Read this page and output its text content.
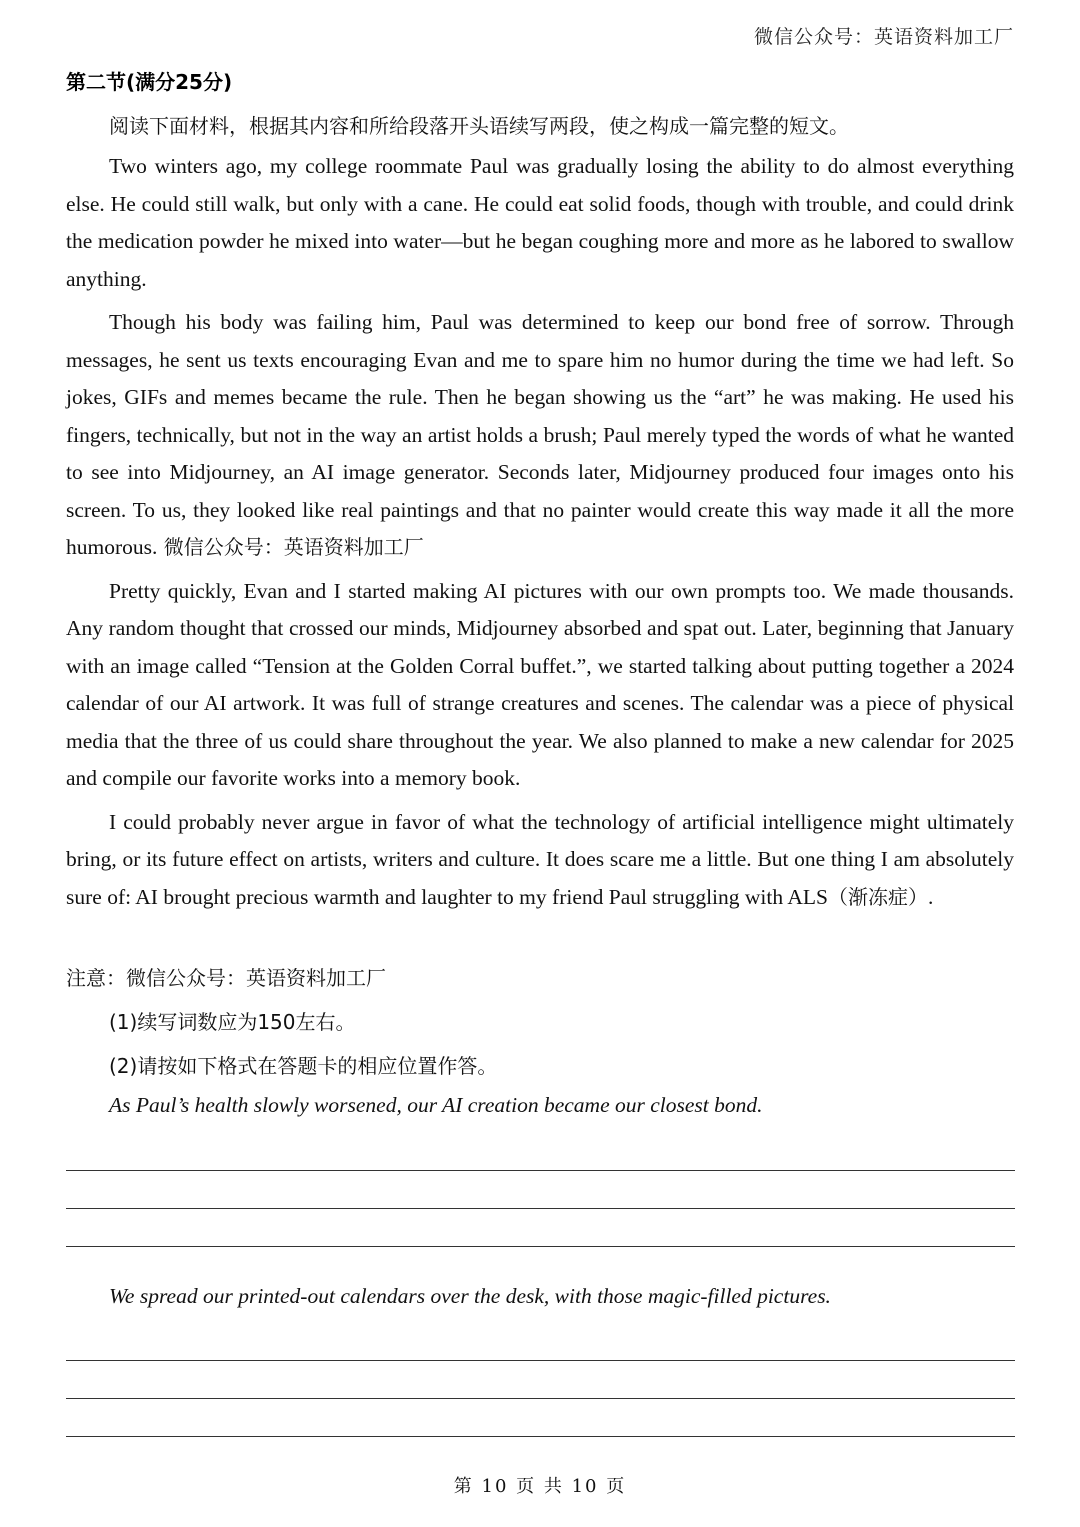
微信公众号：英语资料加工厂
第二节(满分25分)
阅读下面材料，根据其内容和所给段落开头语续写两段，使之构成一篇完整的短文。

Two winters ago, my college roommate Paul was gradually losing the ability to do almost everything else. He could still walk, but only with a cane. He could eat solid foods, though with trouble, and could drink the medication powder he mixed into water—but he began coughing more and more as he labored to swallow anything.

Though his body was failing him, Paul was determined to keep our bond free of sorrow. Through messages, he sent us texts encouraging Evan and me to spare him no humor during the time we had left. So jokes, GIFs and memes became the rule. Then he began showing us the “art” he was making. He used his fingers, technically, but not in the way an artist holds a brush; Paul merely typed the words of what he wanted to see into Midjourney, an AI image generator. Seconds later, Midjourney produced four images onto his screen. To us, they looked like real paintings and that no painter would create this way made it all the more humorous. 微信公众号：英语资料加工厂

Pretty quickly, Evan and I started making AI pictures with our own prompts too. We made thousands. Any random thought that crossed our minds, Midjourney absorbed and spat out. Later, beginning that January with an image called “Tension at the Golden Corral buffet.”, we started talking about putting together a 2024 calendar of our AI artwork. It was full of strange creatures and scenes. The calendar was a piece of physical media that the three of us could share throughout the year. We also planned to make a new calendar for 2025 and compile our favorite works into a memory book.

I could probably never argue in favor of what the technology of artificial intelligence might ultimately bring, or its future effect on artists, writers and culture. It does scare me a little. But one thing I am absolutely sure of: AI brought precious warmth and laughter to my friend Paul struggling with ALS（渐冻症）.

注意：微信公众号：英语资料加工厂
(1)续写词数应为150左右。
(2)请按如下格式在答题卡的相应位置作答。
As Paul’s health slowly worsened, our AI creation became our closest bond.
We spread our printed-out calendars over the desk, with those magic-filled pictures.
第 10 页 共 10 页
